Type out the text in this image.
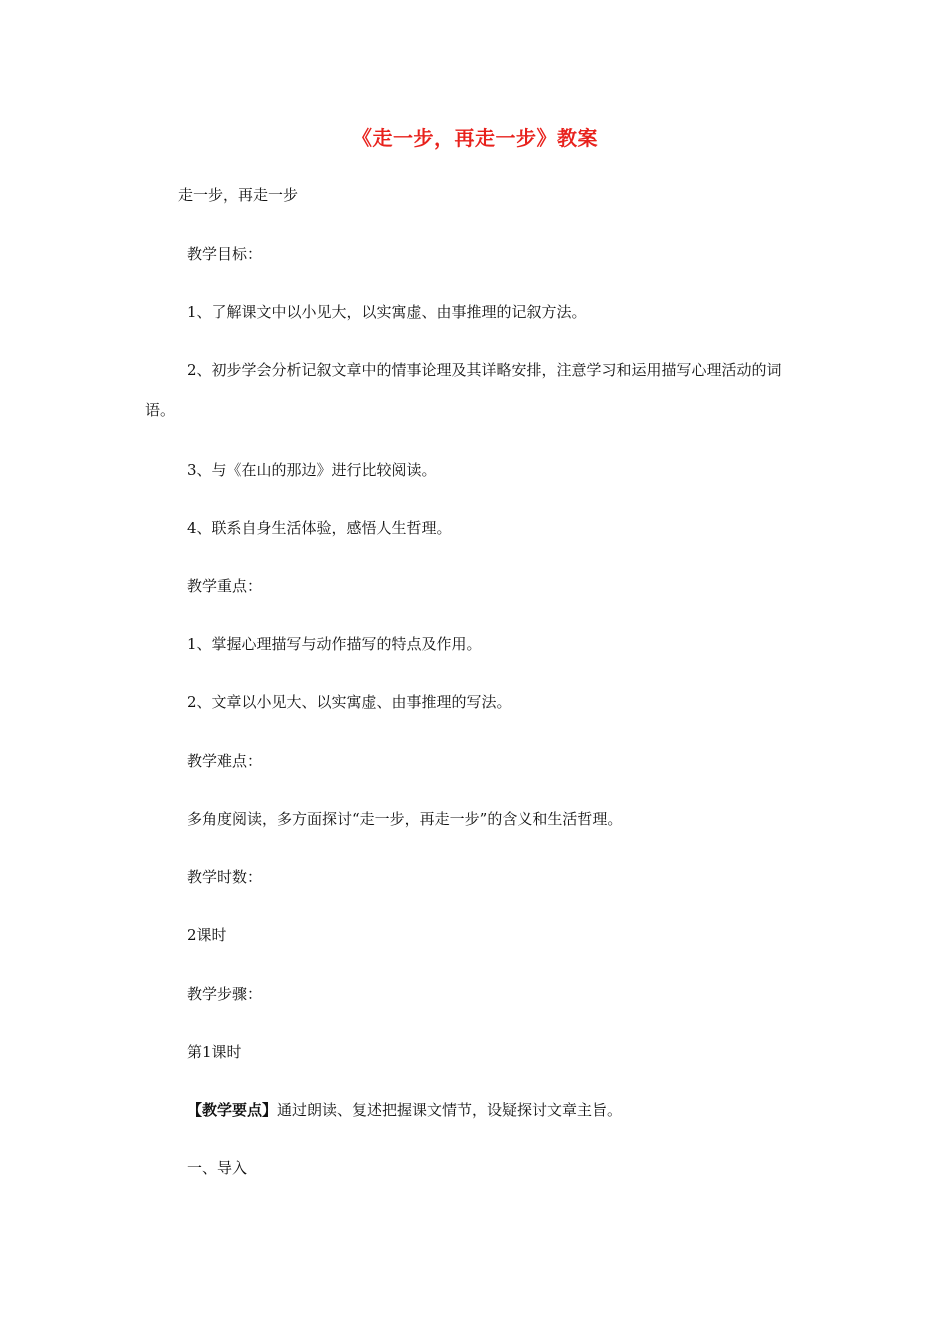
《走一步，再走一步》教案
走一步，再走一步
教学目标：
1、了解课文中以小见大，以实寓虚、由事推理的记叙方法。
2、初步学会分析记叙文章中的情事论理及其详略安排，注意学习和运用描写心理活动的词语。
3、与《在山的那边》进行比较阅读。
4、联系自身生活体验，感悟人生哲理。
教学重点：
1、掌握心理描写与动作描写的特点及作用。
2、文章以小见大、以实寓虚、由事推理的写法。
教学难点：
多角度阅读，多方面探讨“走一步，再走一步”的含义和生活哲理。
教学时数：
2课时
教学步骤：
第1课时
【教学要点】通过朗读、复述把握课文情节，设疑探讨文章主旨。
一、导入
